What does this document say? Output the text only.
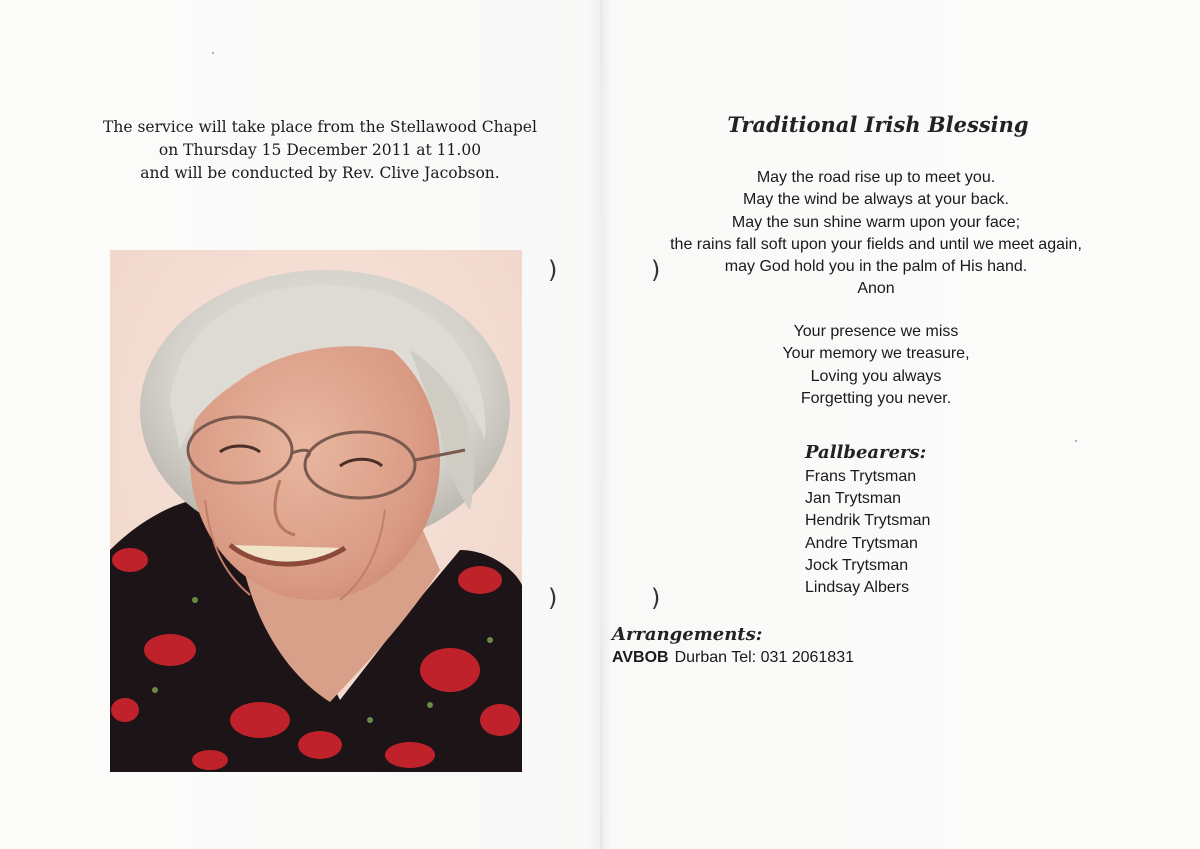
The service will take place from the Stellawood Chapel
on Thursday 15 December 2011 at 11.00
and will be conducted by Rev. Clive Jacobson.
)
)
)
)
Traditional Irish Blessing
May the road rise up to meet you.
May the wind be always at your back.
May the sun shine warm upon your face;
the rains fall soft upon your fields and until we meet again,
may God hold you in the palm of His hand.
Anon
Your presence we miss
Your memory we treasure,
Loving you always
Forgetting you never.
Pallbearers:
Frans Trytsman
Jan Trytsman
Hendrik Trytsman
Andre Trytsman
Jock Trytsman
Lindsay Albers
Arrangements:
AVBOB Durban Tel: 031 2061831
